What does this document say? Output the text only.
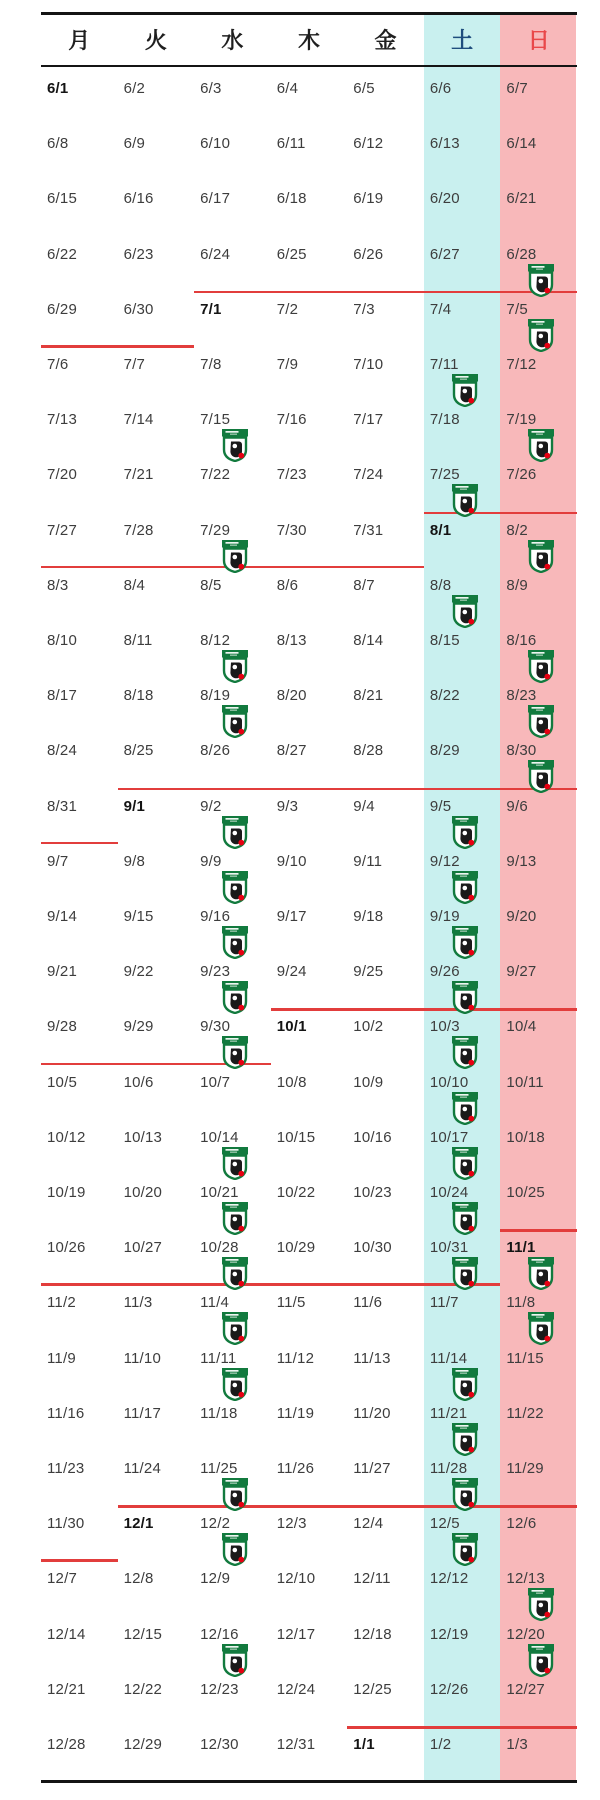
月	火	水	木	金	土	日
6/1	6/2	6/3	6/4	6/5	6/6	6/7
6/8	6/9	6/10	6/11	6/12	6/13	6/14
6/15	6/16	6/17	6/18	6/19	6/20	6/21
6/22	6/23	6/24	6/25	6/26	6/27	6/28
6/29	6/30	7/1	7/2	7/3	7/4	7/5
7/6	7/7	7/8	7/9	7/10	7/11	7/12
7/13	7/14	7/15	7/16	7/17	7/18	7/19
7/20	7/21	7/22	7/23	7/24	7/25	7/26
7/27	7/28	7/29	7/30	7/31	8/1	8/2
8/3	8/4	8/5	8/6	8/7	8/8	8/9
8/10	8/11	8/12	8/13	8/14	8/15	8/16
8/17	8/18	8/19	8/20	8/21	8/22	8/23
8/24	8/25	8/26	8/27	8/28	8/29	8/30
8/31	9/1	9/2	9/3	9/4	9/5	9/6
9/7	9/8	9/9	9/10	9/11	9/12	9/13
9/14	9/15	9/16	9/17	9/18	9/19	9/20
9/21	9/22	9/23	9/24	9/25	9/26	9/27
9/28	9/29	9/30	10/1	10/2	10/3	10/4
10/5	10/6	10/7	10/8	10/9	10/10	10/11
10/12	10/13	10/14	10/15	10/16	10/17	10/18
10/19	10/20	10/21	10/22	10/23	10/24	10/25
10/26	10/27	10/28	10/29	10/30	10/31	11/1
11/2	11/3	11/4	11/5	11/6	11/7	11/8
11/9	11/10	11/11	11/12	11/13	11/14	11/15
11/16	11/17	11/18	11/19	11/20	11/21	11/22
11/23	11/24	11/25	11/26	11/27	11/28	11/29
11/30	12/1	12/2	12/3	12/4	12/5	12/6
12/7	12/8	12/9	12/10	12/11	12/12	12/13
12/14	12/15	12/16	12/17	12/18	12/19	12/20
12/21	12/22	12/23	12/24	12/25	12/26	12/27
12/28	12/29	12/30	12/31	1/1	1/2	1/3
